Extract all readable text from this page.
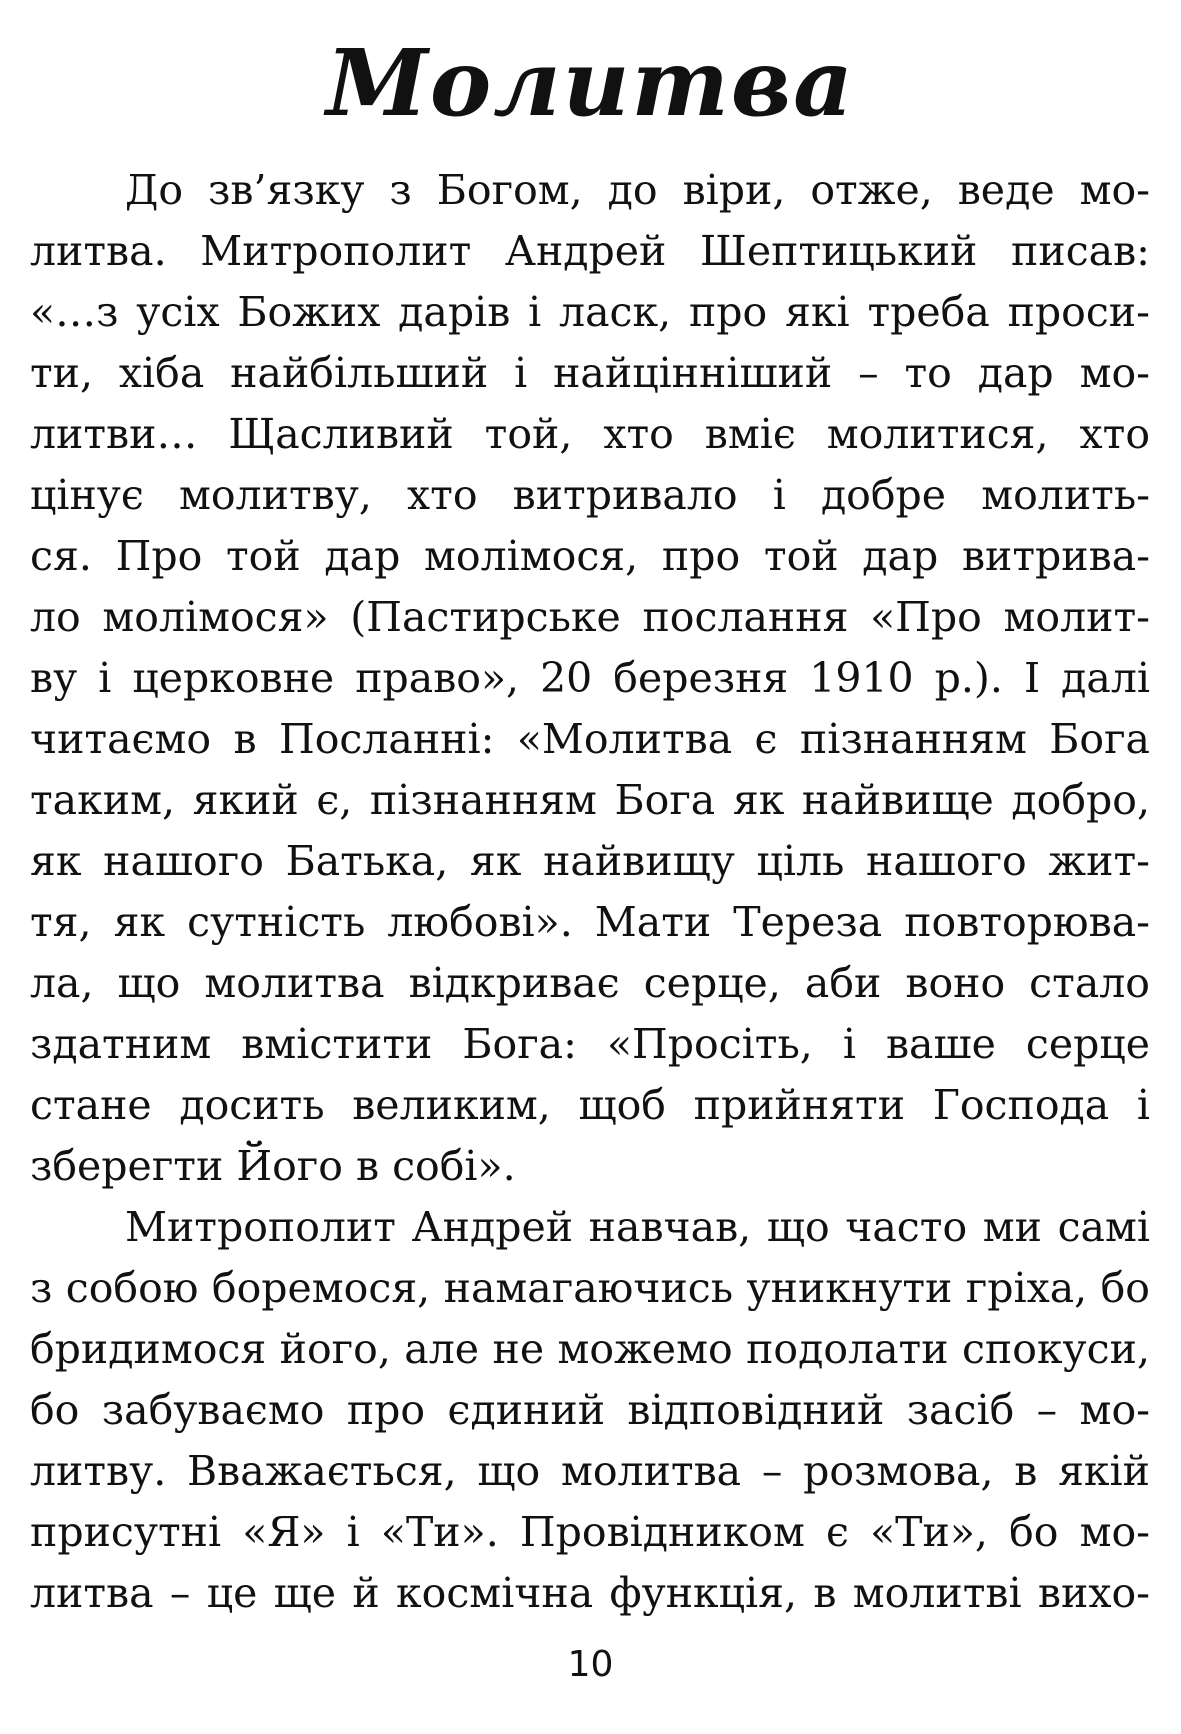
Молитва
До зв’язку з Богом, до віри, отже, веде мо-
литва. Митрополит Андрей Шептицький писав:
«…з усіх Божих дарів і ласк, про які треба проси-
ти, хіба найбільший і найцінніший – то дар мо-
литви… Щасливий той, хто вміє молитися, хто
цінує молитву, хто витривало і добре молить-
ся. Про той дар молімося, про той дар витрива-
ло молімося» (Пастирське послання «Про молит-
ву і церковне право», 20 березня 1910 р.). І далі
читаємо в Посланні: «Молитва є пізнанням Бога
таким, який є, пізнанням Бога як найвище добро,
як нашого Батька, як найвищу ціль нашого жит-
тя, як сутність любові». Мати Тереза повторюва-
ла, що молитва відкриває серце, аби воно стало
здатним вмістити Бога: «Просіть, і ваше серце
стане досить великим, щоб прийняти Господа і
зберегти Його в собі».
Митрополит Андрей навчав, що часто ми самі
з собою боремося, намагаючись уникнути гріха, бо
бридимося його, але не можемо подолати спокуси,
бо забуваємо про єдиний відповідний засіб – мо-
литву. Вважається, що молитва – розмова, в якій
присутні «Я» і «Ти». Провідником є «Ти», бо мо-
литва – це ще й космічна функція, в молитві вихо-
10
